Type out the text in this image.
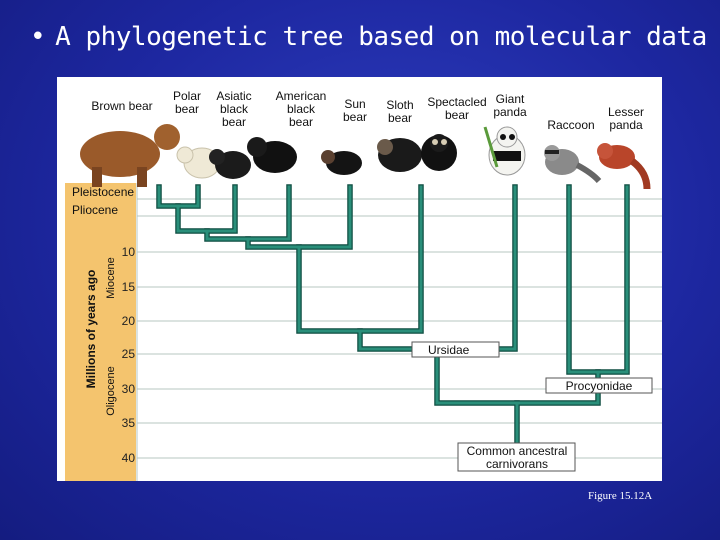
• A phylogenetic tree based on molecular data
Brown bear
Polar bear
Asiatic black bear
American black bear
Sun bear
Sloth bear
Spectacled bear
Giant panda
Raccoon
Lesser panda
Pleistocene
Pliocene
Miocene
Oligocene
Millions of years ago
10
15
20
25
30
35
40
Ursidae
Procyonidae
Common ancestral
carnivorans
Figure 15.12A
